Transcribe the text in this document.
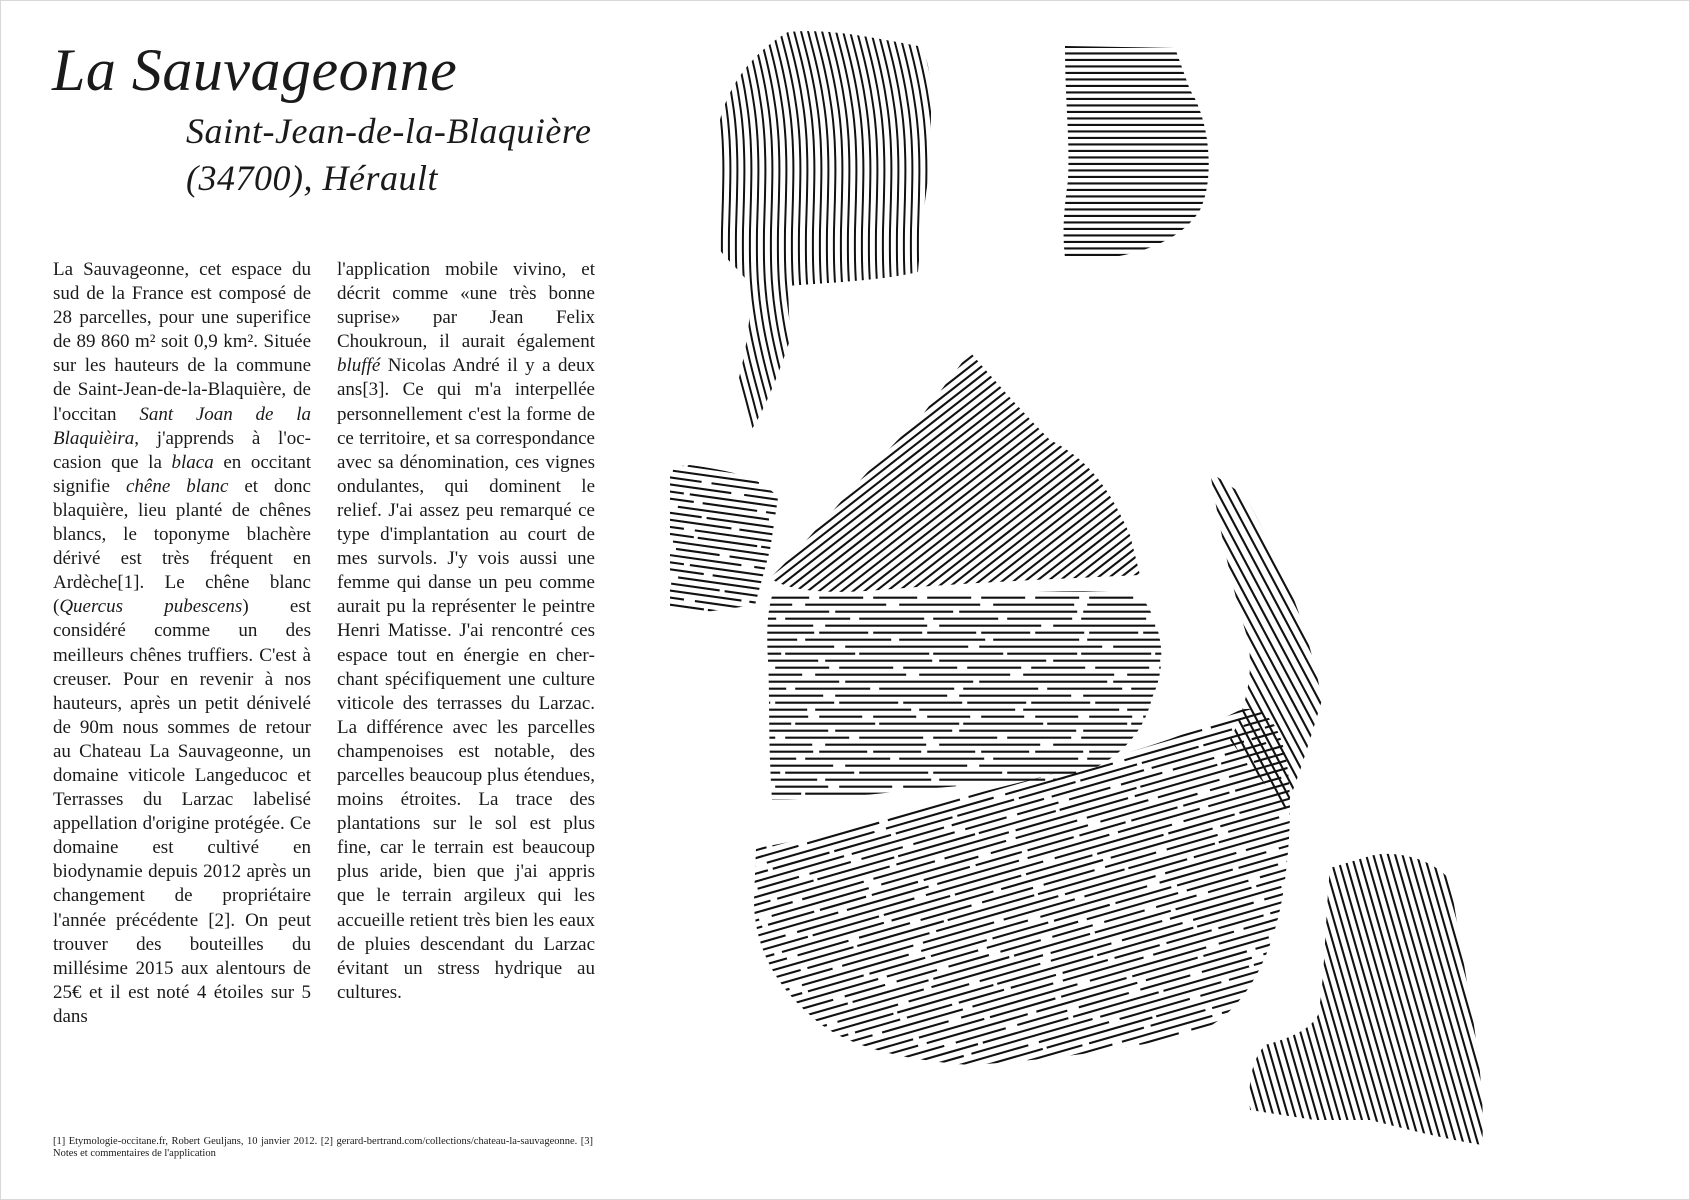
La Sauvageonne
Saint-Jean-de-la-Blaquière
(34700), Hérault

La Sauvageonne, cet espace du sud de la France est composé de 28 parcelles, pour une superifice de 89 860 m² soit 0,9 km². Située sur les hauteurs de la commune de Saint-Jean-de-la-Blaquière, de l'occitan Sant Joan de la Blaquièira, j'apprends à l'occasion que la blaca en occitant signifie chêne blanc et donc blaquière, lieu planté de chênes blancs, le toponyme blachère dérivé est très fréquent en Ardèche[1]. Le chêne blanc (Quercus pubescens) est considéré comme un des meilleurs chênes truffiers. C'est à creuser. Pour en revenir à nos hauteurs, après un petit dénivelé de 90m nous sommes de retour au Chateau La Sauvageonne, un domaine viticole Langeducoc et Terrasses du Larzac labelisé appellation d'origine protégée. Ce domaine est cultivé en biodynamie depuis 2012 après un changement de propriétaire l'année précédente [2]. On peut trouver des bouteilles du millésime 2015 aux alentours de 25€ et il est noté 4 étoiles sur 5 dans

l'application mobile vivino, et décrit comme «une très bonne suprise» par Jean Felix Choukroun, il aurait également bluffé Nicolas André il y a deux ans[3]. Ce qui m'a interpellée personnellement c'est la forme de ce territoire, et sa correspondance avec sa dénomination, ces vignes ondulantes, qui dominent le relief. J'ai assez peu remarqué ce type d'implantation au court de mes survols. J'y vois aussi une femme qui danse un peu comme aurait pu la représenter le peintre Henri Matisse. J'ai rencontré ces espace tout en énergie en cherchant spécifiquement une culture viticole des terrasses du Larzac. La différence avec les parcelles champenoises est notable, des parcelles beaucoup plus étendues, moins étroites. La trace des plantations sur le sol est plus fine, car le terrain est beaucoup plus aride, bien que j'ai appris que le terrain argileux qui les accueille retient très bien les eaux de pluies descendant du Larzac évitant un stress hydrique au cultures.

[1] Etymologie-occitane.fr, Robert Geuljans, 10 janvier 2012. [2] gerard-bertrand.com/collections/chateau-la-sauvageonne. [3] Notes et commentaires de l'application
